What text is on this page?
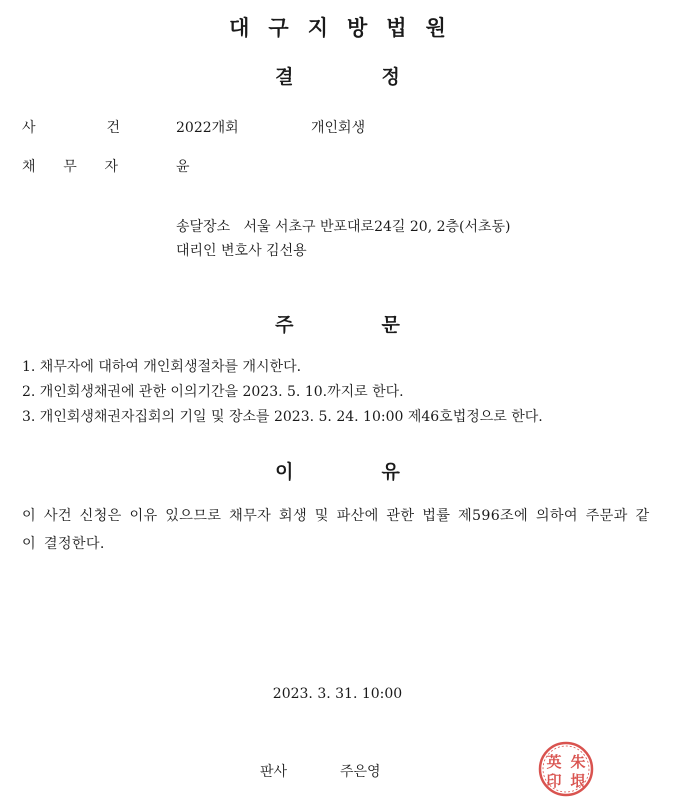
대구지방법원
결	정
사	건	2022개회	개인회생
채 무 자	윤
송달장소 서울 서초구 반포대로24길 20, 2층(서초동)
대리인 변호사 김선용
주	문
1. 채무자에 대하여 개인회생절차를 개시한다.
2. 개인회생채권에 관한 이의기간을 2023. 5. 10.까지로 한다.
3. 개인회생채권자집회의 기일 및 장소를 2023. 5. 24. 10:00 제46호법정으로 한다.
이	유

이 사건 신청은 이유 있으므로 채무자 회생 및 파산에 관한 법률 제596조에 의하여 주문과 같이 결정한다.

2023. 3. 31. 10:00
판사	주은영
英 朱
印 垠
